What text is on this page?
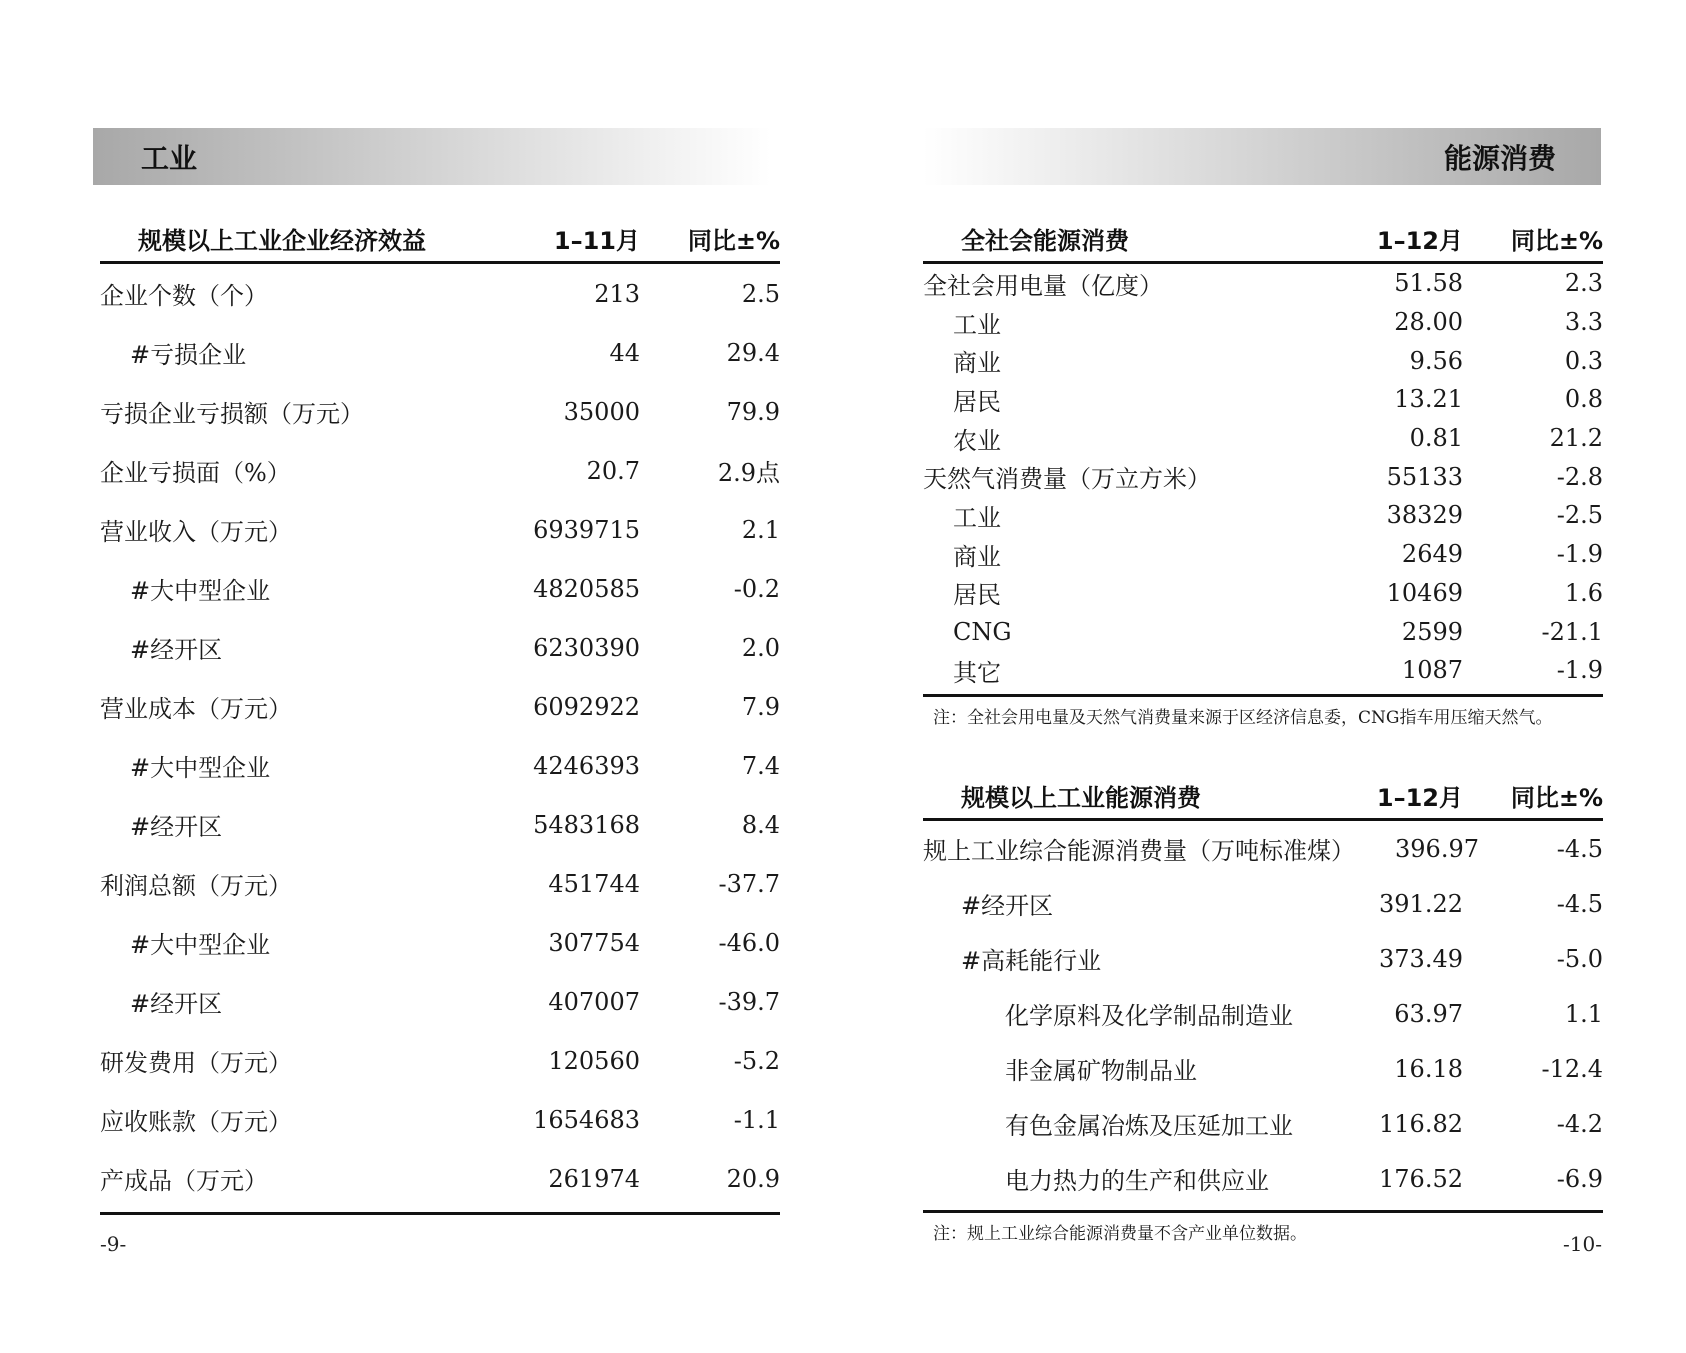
工业
规模以上工业企业经济效益	1–11月	同比±%
企业个数（个）	213	2.5
#亏损企业	44	29.4
亏损企业亏损额（万元）	35000	79.9
企业亏损面（%）	20.7	2.9点
营业收入（万元）	6939715	2.1
#大中型企业	4820585	-0.2
#经开区	6230390	2.0
营业成本（万元）	6092922	7.9
#大中型企业	4246393	7.4
#经开区	5483168	8.4
利润总额（万元）	451744	-37.7
#大中型企业	307754	-46.0
#经开区	407007	-39.7
研发费用（万元）	120560	-5.2
应收账款（万元）	1654683	-1.1
产成品（万元）	261974	20.9
-9-
能源消费
全社会能源消费	1–12月	同比±%
全社会用电量（亿度）	51.58	2.3
工业	28.00	3.3
商业	9.56	0.3
居民	13.21	0.8
农业	0.81	21.2
天然气消费量（万立方米）	55133	-2.8
工业	38329	-2.5
商业	2649	-1.9
居民	10469	1.6
CNG	2599	-21.1
其它	1087	-1.9
注：全社会用电量及天然气消费量来源于区经济信息委，CNG指车用压缩天然气。
规模以上工业能源消费	1–12月	同比±%
规上工业综合能源消费量（万吨标准煤）	396.97	-4.5
#经开区	391.22	-4.5
#高耗能行业	373.49	-5.0
化学原料及化学制品制造业	63.97	1.1
非金属矿物制品业	16.18	-12.4
有色金属冶炼及压延加工业	116.82	-4.2
电力热力的生产和供应业	176.52	-6.9
注：规上工业综合能源消费量不含产业单位数据。	-10-
